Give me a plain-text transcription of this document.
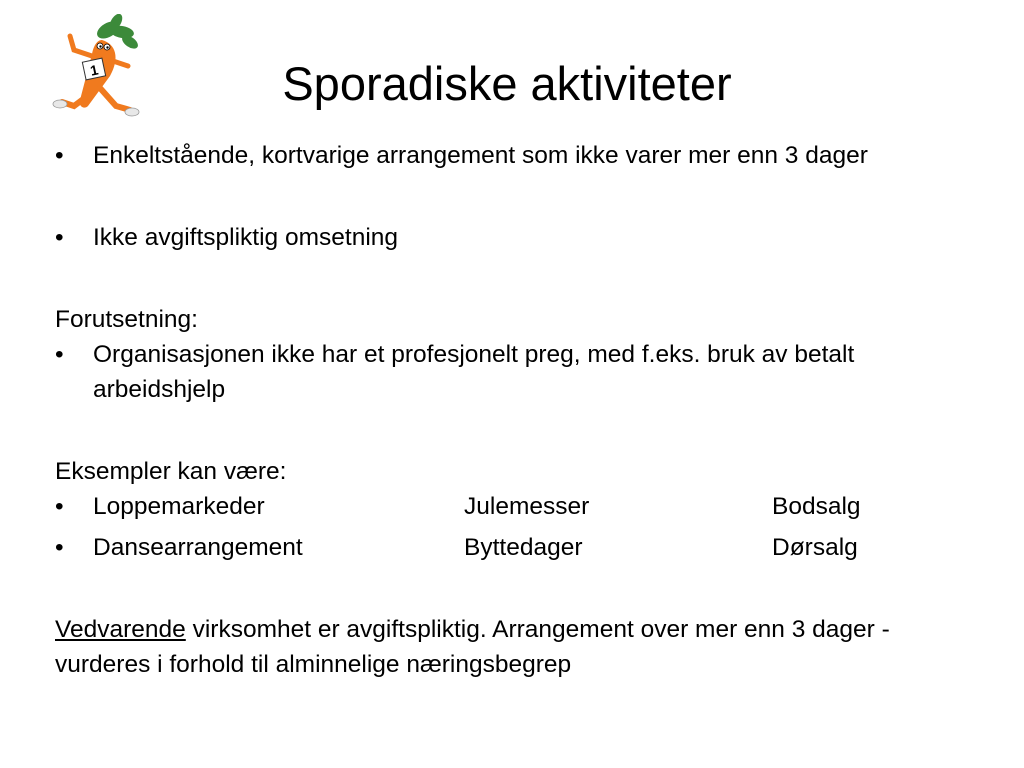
1	Sporadiske aktiviteter
•	Enkeltstående, kortvarige arrangement som ikke varer mer enn 3 dager
•	Ikke avgiftspliktig omsetning
Forutsetning:
•	Organisasjonen ikke har et profesjonelt preg, med f.eks. bruk av betalt arbeidshjelp
Eksempler kan være:
•	Loppemarkeder	Julemesser	Bodsalg
•	Dansearrangement	Byttedager	Dørsalg
Vedvarende virksomhet er avgiftspliktig. Arrangement over mer enn 3 dager - vurderes i forhold til alminnelige næringsbegrep
